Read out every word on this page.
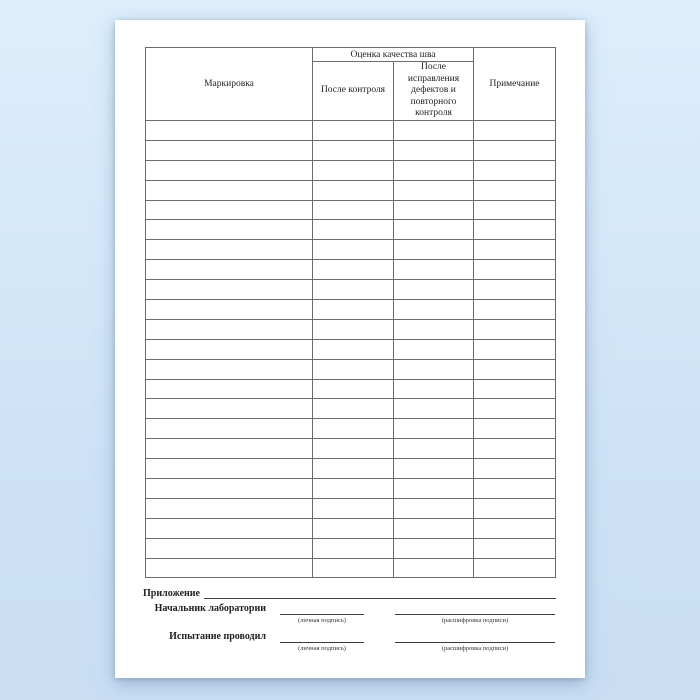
Маркировка	Оценка качества шва		Примечание
	После контроля	После исправления дефектов и повторного контроля	

Приложение
Начальник лаборатории
(личная подпись)	(расшифровка подписи)
Испытание проводил
(личная подпись)	(расшифровка подписи)
